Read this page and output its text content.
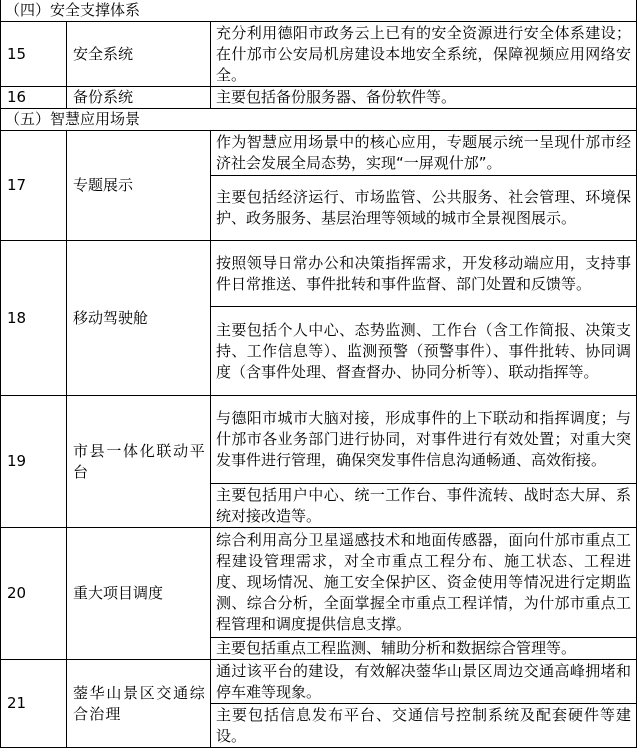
（四）安全支撑体系		
15	安全系统	充分利用德阳市政务云上已有的安全资源进行安全体系建设；在什邡市公安局机房建设本地安全系统，保障视频应用网络安全。
16	备份系统	主要包括备份服务器、备份软件等。
（五）智慧应用场景		
17	专题展示	作为智慧应用场景中的核心应用，专题展示统一呈现什邡市经济社会发展全局态势，实现“一屏观什邡”。
		主要包括经济运行、市场监管、公共服务、社会管理、环境保护、政务服务、基层治理等领域的城市全景视图展示。
18	移动驾驶舱	按照领导日常办公和决策指挥需求，开发移动端应用，支持事件日常推送、事件批转和事件监督、部门处置和反馈等。
		主要包括个人中心、态势监测、工作台（含工作简报、决策支持、工作信息等）、监测预警（预警事件）、事件批转、协同调度（含事件处理、督查督办、协同分析等）、联动指挥等。
19	市县一体化联动平台	与德阳市城市大脑对接，形成事件的上下联动和指挥调度；与什邡市各业务部门进行协同，对事件进行有效处置；对重大突发事件进行管理，确保突发事件信息沟通畅通、高效衔接。
		主要包括用户中心、统一工作台、事件流转、战时态大屏、系统对接改造等。
20	重大项目调度	综合利用高分卫星遥感技术和地面传感器，面向什邡市重点工程建设管理需求，对全市重点工程分布、施工状态、工程进度、现场情况、施工安全保护区、资金使用等情况进行定期监测、综合分析，全面掌握全市重点工程详情，为什邡市重点工程管理和调度提供信息支撑。
		主要包括重点工程监测、辅助分析和数据综合管理等。
21	蓥华山景区交通综合治理	通过该平台的建设，有效解决蓥华山景区周边交通高峰拥堵和停车难等现象。
		主要包括信息发布平台、交通信号控制系统及配套硬件等建设。
